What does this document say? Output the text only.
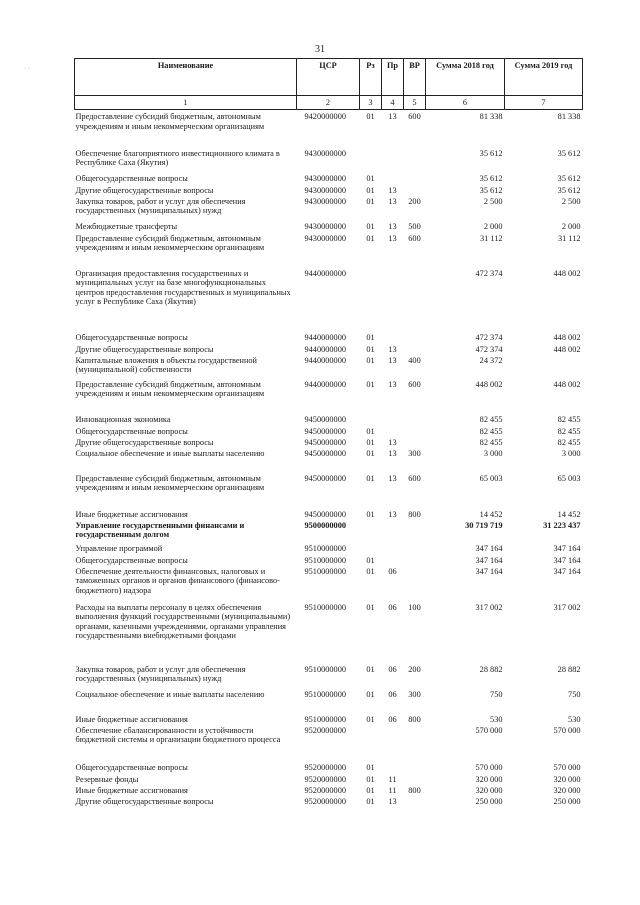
31
· ·	Наименование	ЦСР	Рз	Пр	ВР	Сумма 2018 год	Сумма 2019 год
1	2	3	4	5	6	7
Предоставление субсидий бюджетным, автономным учреждениям и иным некоммерческим организациям	9420000000	01	13	600	81 338	81 338
Обеспечение благоприятного инвестиционного климата в Республике Саха (Якутия)	9430000000				35 612	35 612
Общегосударственные вопросы	9430000000	01			35 612	35 612
Другие общегосударственные вопросы	9430000000	01	13		35 612	35 612
Закупка товаров, работ и услуг для обеспечения государственных (муниципальных) нужд	9430000000	01	13	200	2 500	2 500
Межбюджетные трансферты	9430000000	01	13	500	2 000	2 000
Предоставление субсидий бюджетным, автономным учреждениям и иным некоммерческим организациям	9430000000	01	13	600	31 112	31 112
Организация предоставления государственных и муниципальных услуг на базе многофункциональных центров предоставления государственных и муниципальных услуг в Республике Саха (Якутия)	9440000000				472 374	448 002
Общегосударственные вопросы	9440000000	01			472 374	448 002
Другие общегосударственные вопросы	9440000000	01	13		472 374	448 002
Капитальные вложения в объекты государственной (муниципальной) собственности	9440000000	01	13	400	24 372	
Предоставление субсидий бюджетным, автономным учреждениям и иным некоммерческим организациям	9440000000	01	13	600	448 002	448 002
Инновационная экономика	9450000000				82 455	82 455
Общегосударственные вопросы	9450000000	01			82 455	82 455
Другие общегосударственные вопросы	9450000000	01	13		82 455	82 455
Социальное обеспечение и иные выплаты населению	9450000000	01	13	300	3 000	3 000
Предоставление субсидий бюджетным, автономным учреждениям и иным некоммерческим организациям	9450000000	01	13	600	65 003	65 003
Иные бюджетные ассигнования	9450000000	01	13	800	14 452	14 452
Управление государственными финансами и государственным долгом	9500000000				30 719 719	31 223 437
Управление программой	9510000000				347 164	347 164
Общегосударственные вопросы	9510000000	01			347 164	347 164
Обеспечение деятельности финансовых, налоговых и таможенных органов и органов финансового (финансово-бюджетного) надзора	9510000000	01	06		347 164	347 164
Расходы на выплаты персоналу в целях обеспечения выполнения функций государственными (муниципальными) органами, казенными учреждениями, органами управления государственными внебюджетными фондами	9510000000	01	06	100	317 002	317 002
Закупка товаров, работ и услуг для обеспечения государственных (муниципальных) нужд	9510000000	01	06	200	28 882	28 882
Социальное обеспечение и иные выплаты населению	9510000000	01	06	300	750	750
Иные бюджетные ассигнования	9510000000	01	06	800	530	530
Обеспечение сбалансированности и устойчивости бюджетной системы и организации бюджетного процесса	9520000000				570 000	570 000
Общегосударственные вопросы	9520000000	01			570 000	570 000
Резервные фонды	9520000000	01	11		320 000	320 000
Иные бюджетные ассигнования	9520000000	01	11	800	320 000	320 000
Другие общегосударственные вопросы	9520000000	01	13		250 000	250 000
